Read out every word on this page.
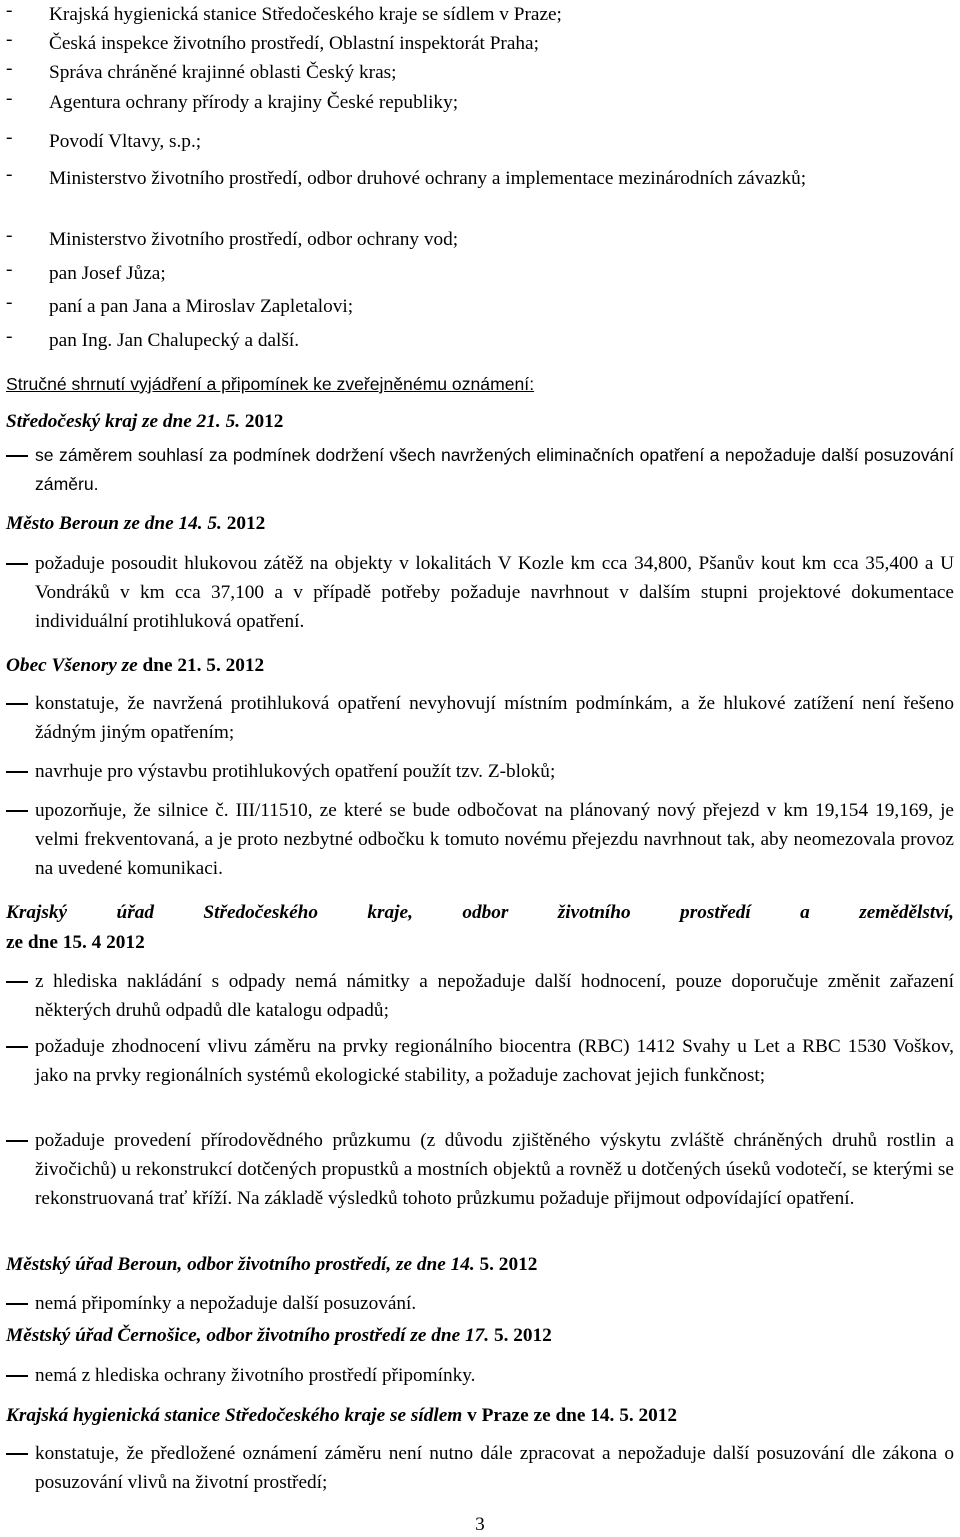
- Krajská hygienická stanice Středočeského kraje se sídlem v Praze;
- Česká inspekce životního prostředí, Oblastní inspektorát Praha;
- Správa chráněné krajinné oblasti Český kras;
- Agentura ochrany přírody a krajiny České republiky;
- Povodí Vltavy, s.p.;
- Ministerstvo životního prostředí, odbor druhové ochrany a implementace mezinárodních závazků;
- Ministerstvo životního prostředí, odbor ochrany vod;
- pan Josef Jůza;
- paní a pan Jana a Miroslav Zapletalovi;
- pan Ing. Jan Chalupecký a další.
Stručné shrnutí vyjádření a připomínek ke zveřejněnému oznámení:
Středočeský kraj ze dne 21. 5. 2012
se záměrem souhlasí za podmínek dodržení všech navržených eliminačních opatření a nepožaduje další posuzování záměru.
Město Beroun ze dne 14. 5. 2012
požaduje posoudit hlukovou zátěž na objekty v lokalitách V Kozle km cca 34,800, Pšanův kout km cca 35,400 a U Vondráků v km cca 37,100 a v případě potřeby požaduje navrhnout v dalším stupni projektové dokumentace individuální protihluková opatření.
Obec Všenory ze dne 21. 5. 2012
konstatuje, že navržená protihluková opatření nevyhovují místním podmínkám, a že hlukové zatížení není řešeno žádným jiným opatřením;
navrhuje pro výstavbu protihlukových opatření použít tzv. Z-bloků;
upozorňuje, že silnice č. III/11510, ze které se bude odbočovat na plánovaný nový přejezd v km 19,154 19,169, je velmi frekventovaná, a je proto nezbytné odbočku k tomuto novému přejezdu navrhnout tak, aby neomezovala provoz na uvedené komunikaci.
Krajský úřad Středočeského kraje, odbor životního prostředí a zemědělství,
ze dne 15. 4 2012
z hlediska nakládání s odpady nemá námitky a nepožaduje další hodnocení, pouze doporučuje změnit zařazení některých druhů odpadů dle katalogu odpadů;
požaduje zhodnocení vlivu záměru na prvky regionálního biocentra (RBC) 1412 Svahy u Let a RBC 1530 Voškov, jako na prvky regionálních systémů ekologické stability, a požaduje zachovat jejich funkčnost;
požaduje provedení přírodovědného průzkumu (z důvodu zjištěného výskytu zvláště chráněných druhů rostlin a živočichů) u rekonstrukcí dotčených propustků a mostních objektů a rovněž u dotčených úseků vodotečí, se kterými se rekonstruovaná trať kříží. Na základě výsledků tohoto průzkumu požaduje přijmout odpovídající opatření.
Městský úřad Beroun, odbor životního prostředí, ze dne 14. 5. 2012
nemá připomínky a nepožaduje další posuzování.
Městský úřad Černošice, odbor životního prostředí ze dne 17. 5. 2012
nemá z hlediska ochrany životního prostředí připomínky.
Krajská hygienická stanice Středočeského kraje se sídlem v Praze ze dne 14. 5. 2012
konstatuje, že předložené oznámení záměru není nutno dále zpracovat a nepožaduje další posuzování dle zákona o posuzování vlivů na životní prostředí;
3
